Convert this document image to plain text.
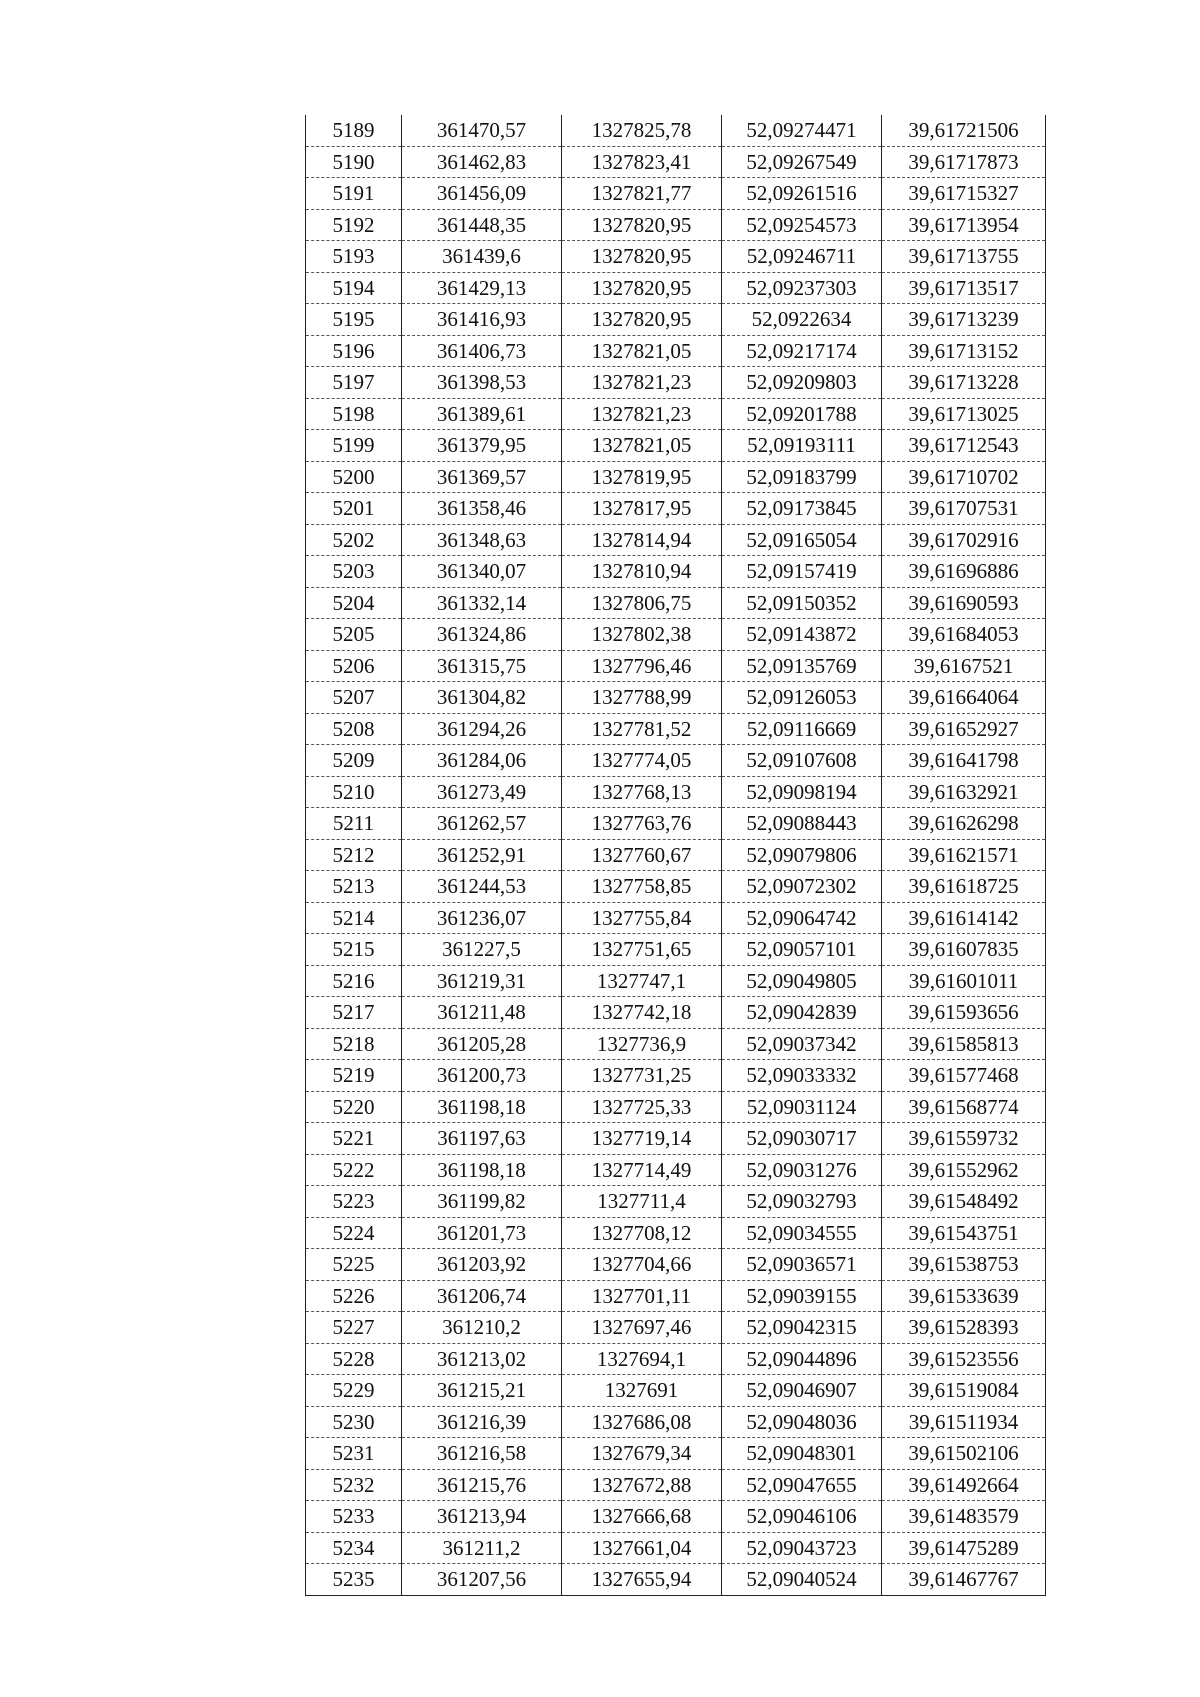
5189	361470,57	1327825,78	52,09274471	39,61721506
5190	361462,83	1327823,41	52,09267549	39,61717873
5191	361456,09	1327821,77	52,09261516	39,61715327
5192	361448,35	1327820,95	52,09254573	39,61713954
5193	361439,6	1327820,95	52,09246711	39,61713755
5194	361429,13	1327820,95	52,09237303	39,61713517
5195	361416,93	1327820,95	52,0922634	39,61713239
5196	361406,73	1327821,05	52,09217174	39,61713152
5197	361398,53	1327821,23	52,09209803	39,61713228
5198	361389,61	1327821,23	52,09201788	39,61713025
5199	361379,95	1327821,05	52,09193111	39,61712543
5200	361369,57	1327819,95	52,09183799	39,61710702
5201	361358,46	1327817,95	52,09173845	39,61707531
5202	361348,63	1327814,94	52,09165054	39,61702916
5203	361340,07	1327810,94	52,09157419	39,61696886
5204	361332,14	1327806,75	52,09150352	39,61690593
5205	361324,86	1327802,38	52,09143872	39,61684053
5206	361315,75	1327796,46	52,09135769	39,6167521
5207	361304,82	1327788,99	52,09126053	39,61664064
5208	361294,26	1327781,52	52,09116669	39,61652927
5209	361284,06	1327774,05	52,09107608	39,61641798
5210	361273,49	1327768,13	52,09098194	39,61632921
5211	361262,57	1327763,76	52,09088443	39,61626298
5212	361252,91	1327760,67	52,09079806	39,61621571
5213	361244,53	1327758,85	52,09072302	39,61618725
5214	361236,07	1327755,84	52,09064742	39,61614142
5215	361227,5	1327751,65	52,09057101	39,61607835
5216	361219,31	1327747,1	52,09049805	39,61601011
5217	361211,48	1327742,18	52,09042839	39,61593656
5218	361205,28	1327736,9	52,09037342	39,61585813
5219	361200,73	1327731,25	52,09033332	39,61577468
5220	361198,18	1327725,33	52,09031124	39,61568774
5221	361197,63	1327719,14	52,09030717	39,61559732
5222	361198,18	1327714,49	52,09031276	39,61552962
5223	361199,82	1327711,4	52,09032793	39,61548492
5224	361201,73	1327708,12	52,09034555	39,61543751
5225	361203,92	1327704,66	52,09036571	39,61538753
5226	361206,74	1327701,11	52,09039155	39,61533639
5227	361210,2	1327697,46	52,09042315	39,61528393
5228	361213,02	1327694,1	52,09044896	39,61523556
5229	361215,21	1327691	52,09046907	39,61519084
5230	361216,39	1327686,08	52,09048036	39,61511934
5231	361216,58	1327679,34	52,09048301	39,61502106
5232	361215,76	1327672,88	52,09047655	39,61492664
5233	361213,94	1327666,68	52,09046106	39,61483579
5234	361211,2	1327661,04	52,09043723	39,61475289
5235	361207,56	1327655,94	52,09040524	39,61467767
